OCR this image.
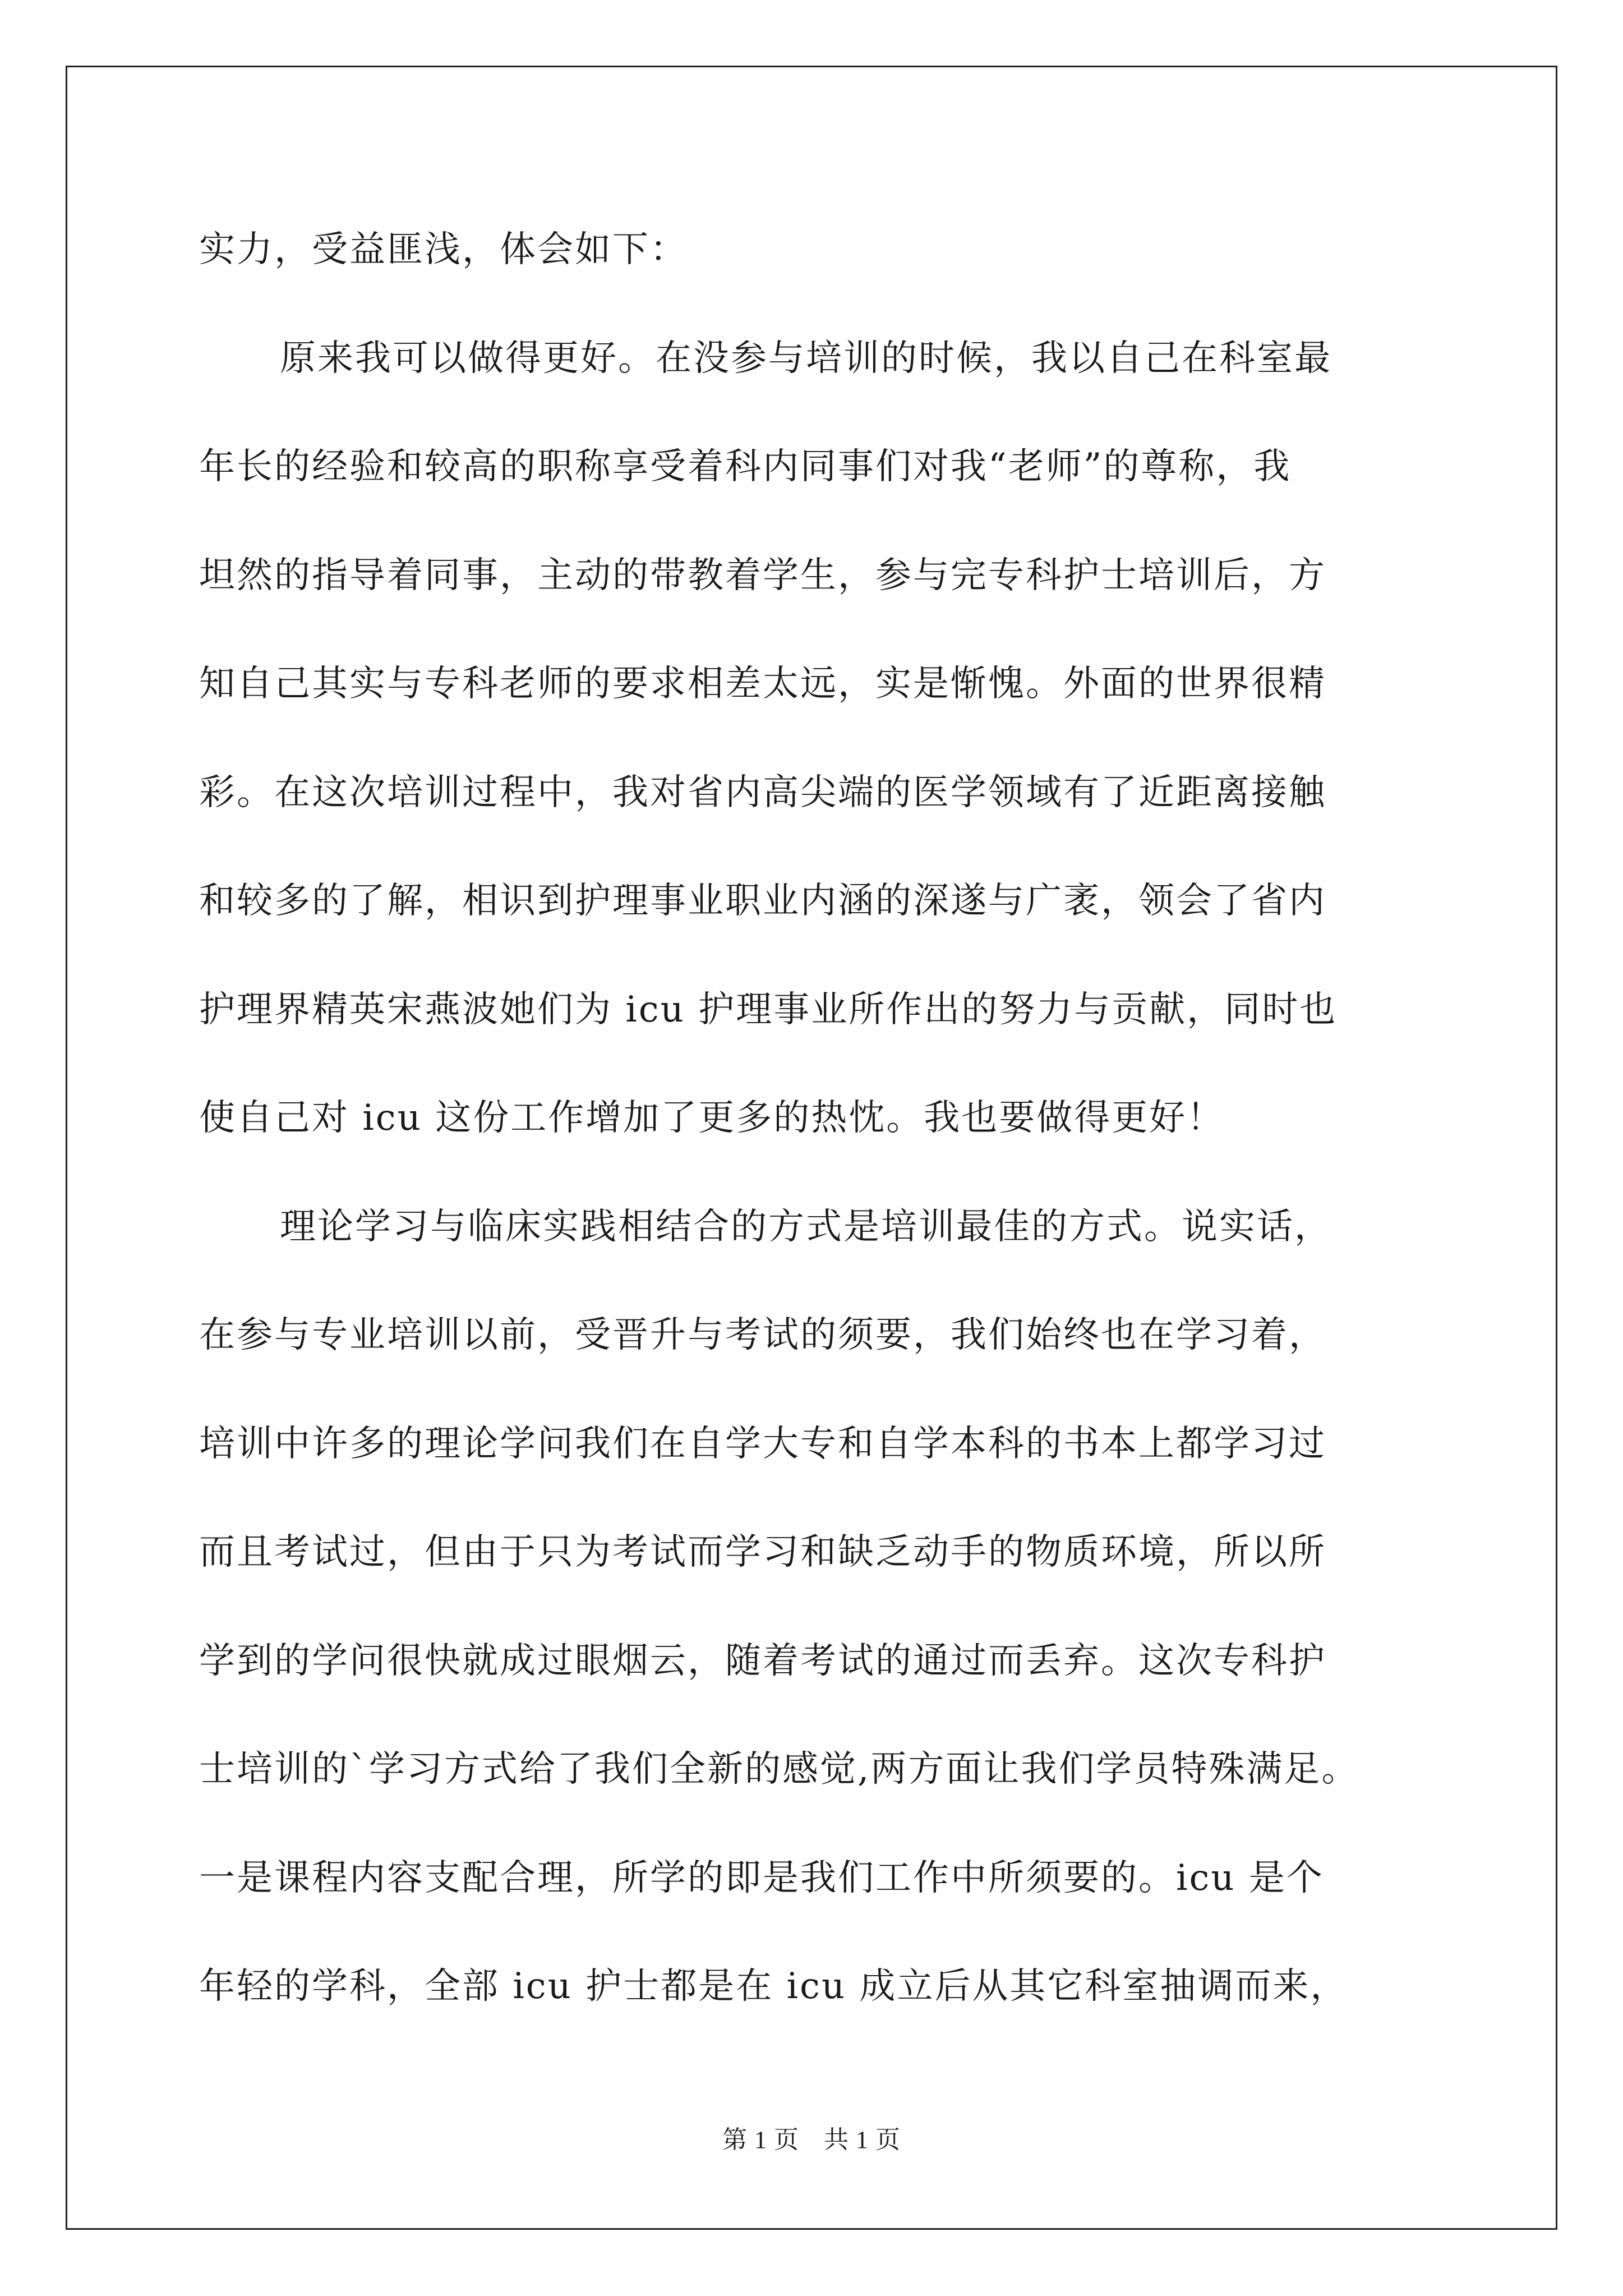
实力，受益匪浅，体会如下：
原来我可以做得更好。在没参与培训的时候，我以自己在科室最
年长的经验和较高的职称享受着科内同事们对我“老师”的尊称，我
坦然的指导着同事，主动的带教着学生，参与完专科护士培训后，方
知自己其实与专科老师的要求相差太远，实是惭愧。外面的世界很精
彩。在这次培训过程中，我对省内高尖端的医学领域有了近距离接触
和较多的了解，相识到护理事业职业内涵的深遂与广袤，领会了省内
护理界精英宋燕波她们为 icu 护理事业所作出的努力与贡献，同时也
使自己对 icu 这份工作增加了更多的热忱。我也要做得更好！
理论学习与临床实践相结合的方式是培训最佳的方式。说实话，
在参与专业培训以前，受晋升与考试的须要，我们始终也在学习着，
培训中许多的理论学问我们在自学大专和自学本科的书本上都学习过
而且考试过，但由于只为考试而学习和缺乏动手的物质环境，所以所
学到的学问很快就成过眼烟云，随着考试的通过而丢弃。这次专科护
士培训的`学习方式给了我们全新的感觉,两方面让我们学员特殊满足。
一是课程内容支配合理，所学的即是我们工作中所须要的。icu 是个
年轻的学科，全部 icu 护士都是在 icu 成立后从其它科室抽调而来，
第 1 页 共 1 页
